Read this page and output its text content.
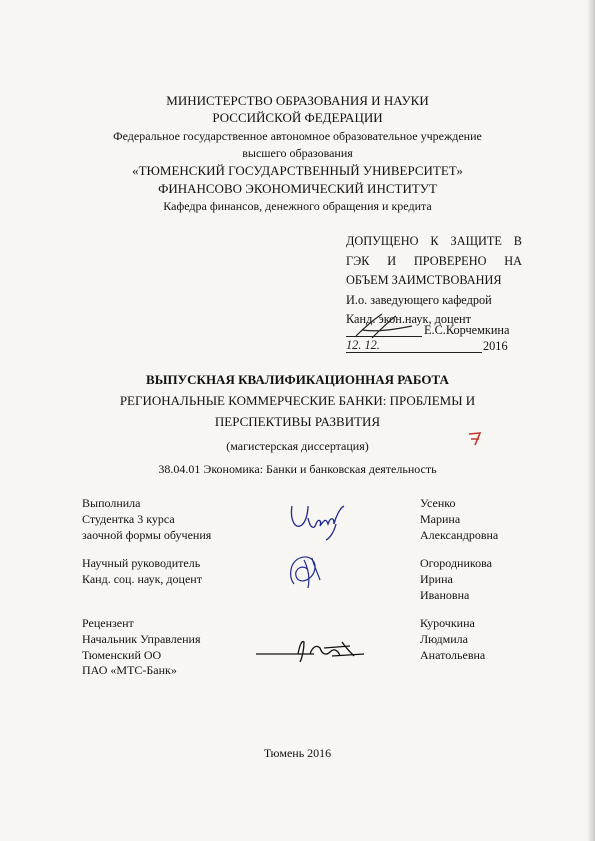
МИНИСТЕРСТВО ОБРАЗОВАНИЯ И НАУКИ
РОССИЙСКОЙ ФЕДЕРАЦИИ
Федеральное государственное автономное образовательное учреждение
высшего образования
«ТЮМЕНСКИЙ ГОСУДАРСТВЕННЫЙ УНИВЕРСИТЕТ»
ФИНАНСОВО ЭКОНОМИЧЕСКИЙ ИНСТИТУТ
Кафедра финансов, денежного обращения и кредита
ДОПУЩЕНО К ЗАЩИТЕ В
ГЭК И ПРОВЕРЕНО НА
ОБЪЕМ ЗАИМСТВОВАНИЯ
И.о. заведующего кафедрой
Канд. экон.наук, доцент
Е.С.Корчемкина
12. 12.	2016
ВЫПУСКНАЯ КВАЛИФИКАЦИОННАЯ РАБОТА
РЕГИОНАЛЬНЫЕ КОММЕРЧЕСКИЕ БАНКИ: ПРОБЛЕМЫ И
ПЕРСПЕКТИВЫ РАЗВИТИЯ
(магистерская диссертация)
38.04.01 Экономика: Банки и банковская деятельность
Выполнила
Студентка 3 курса
заочной формы обучения
Усенко
Марина
Александровна
Научный руководитель
Канд. соц. наук, доцент
Огородникова
Ирина
Ивановна
Рецензент
Начальник Управления
Тюменский ОО
ПАО «МТС-Банк»
Курочкина
Людмила
Анатольевна
Тюмень 2016
